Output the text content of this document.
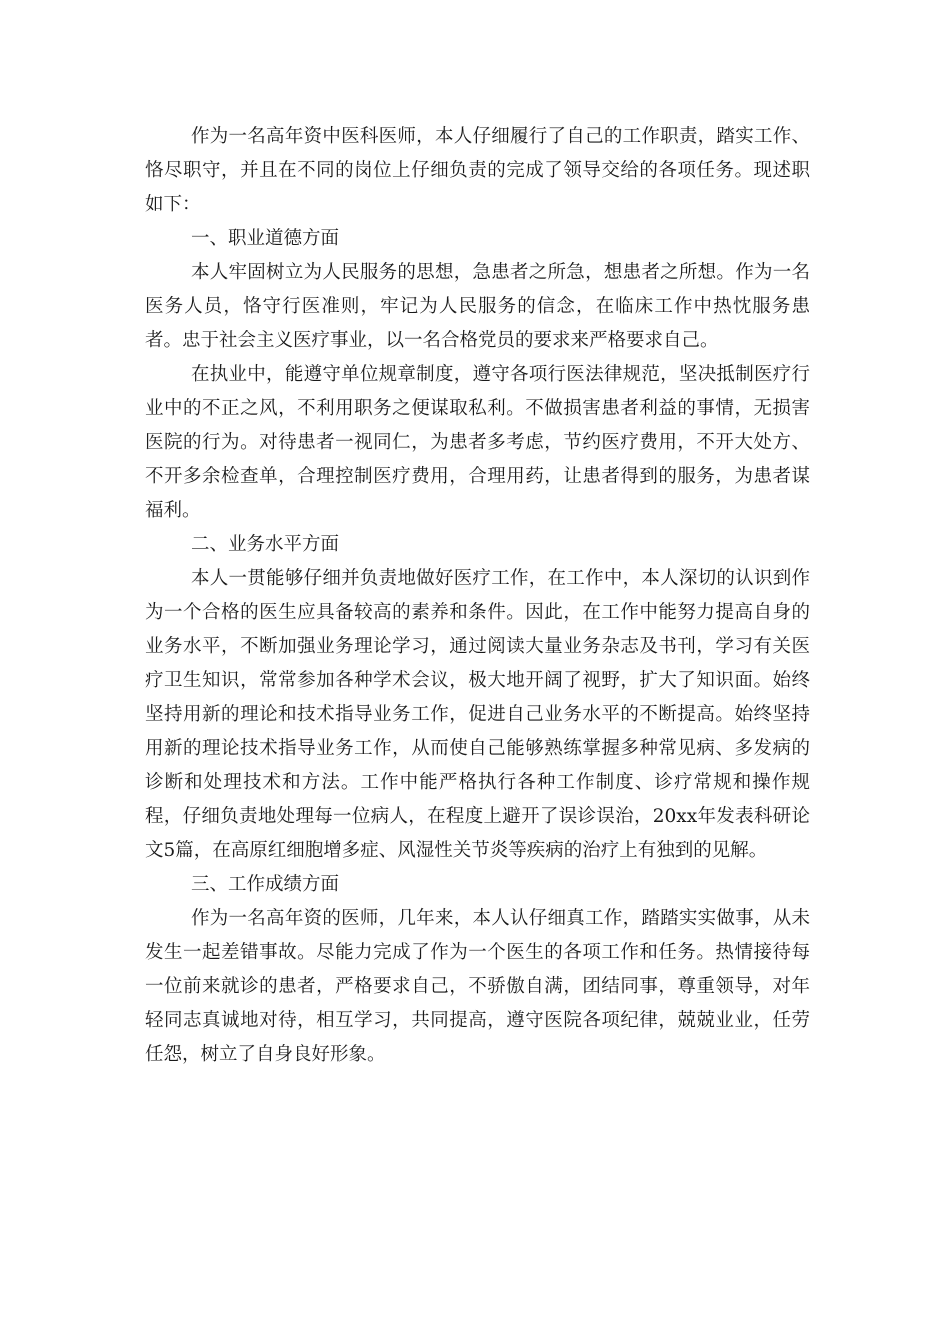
作为一名高年资中医科医师，本人仔细履行了自己的工作职责，踏实工作、恪尽职守，并且在不同的岗位上仔细负责的完成了领导交给的各项任务。现述职如下：

一、职业道德方面

本人牢固树立为人民服务的思想，急患者之所急，想患者之所想。作为一名医务人员，恪守行医准则，牢记为人民服务的信念，在临床工作中热忱服务患者。忠于社会主义医疗事业，以一名合格党员的要求来严格要求自己。

在执业中，能遵守单位规章制度，遵守各项行医法律规范，坚决抵制医疗行业中的不正之风，不利用职务之便谋取私利。不做损害患者利益的事情，无损害医院的行为。对待患者一视同仁，为患者多考虑，节约医疗费用，不开大处方、不开多余检查单，合理控制医疗费用，合理用药，让患者得到的服务，为患者谋福利。

二、业务水平方面

本人一贯能够仔细并负责地做好医疗工作，在工作中，本人深切的认识到作为一个合格的医生应具备较高的素养和条件。因此，在工作中能努力提高自身的业务水平，不断加强业务理论学习，通过阅读大量业务杂志及书刊，学习有关医疗卫生知识，常常参加各种学术会议，极大地开阔了视野，扩大了知识面。始终坚持用新的理论和技术指导业务工作，促进自己业务水平的不断提高。始终坚持用新的理论技术指导业务工作，从而使自己能够熟练掌握多种常见病、多发病的诊断和处理技术和方法。工作中能严格执行各种工作制度、诊疗常规和操作规程，仔细负责地处理每一位病人，在程度上避开了误诊误治，20xx年发表科研论文5篇，在高原红细胞增多症、风湿性关节炎等疾病的治疗上有独到的见解。

三、工作成绩方面

作为一名高年资的医师，几年来，本人认仔细真工作，踏踏实实做事，从未发生一起差错事故。尽能力完成了作为一个医生的各项工作和任务。热情接待每一位前来就诊的患者，严格要求自己，不骄傲自满，团结同事，尊重领导，对年轻同志真诚地对待，相互学习，共同提高，遵守医院各项纪律，兢兢业业，任劳任怨，树立了自身良好形象。
